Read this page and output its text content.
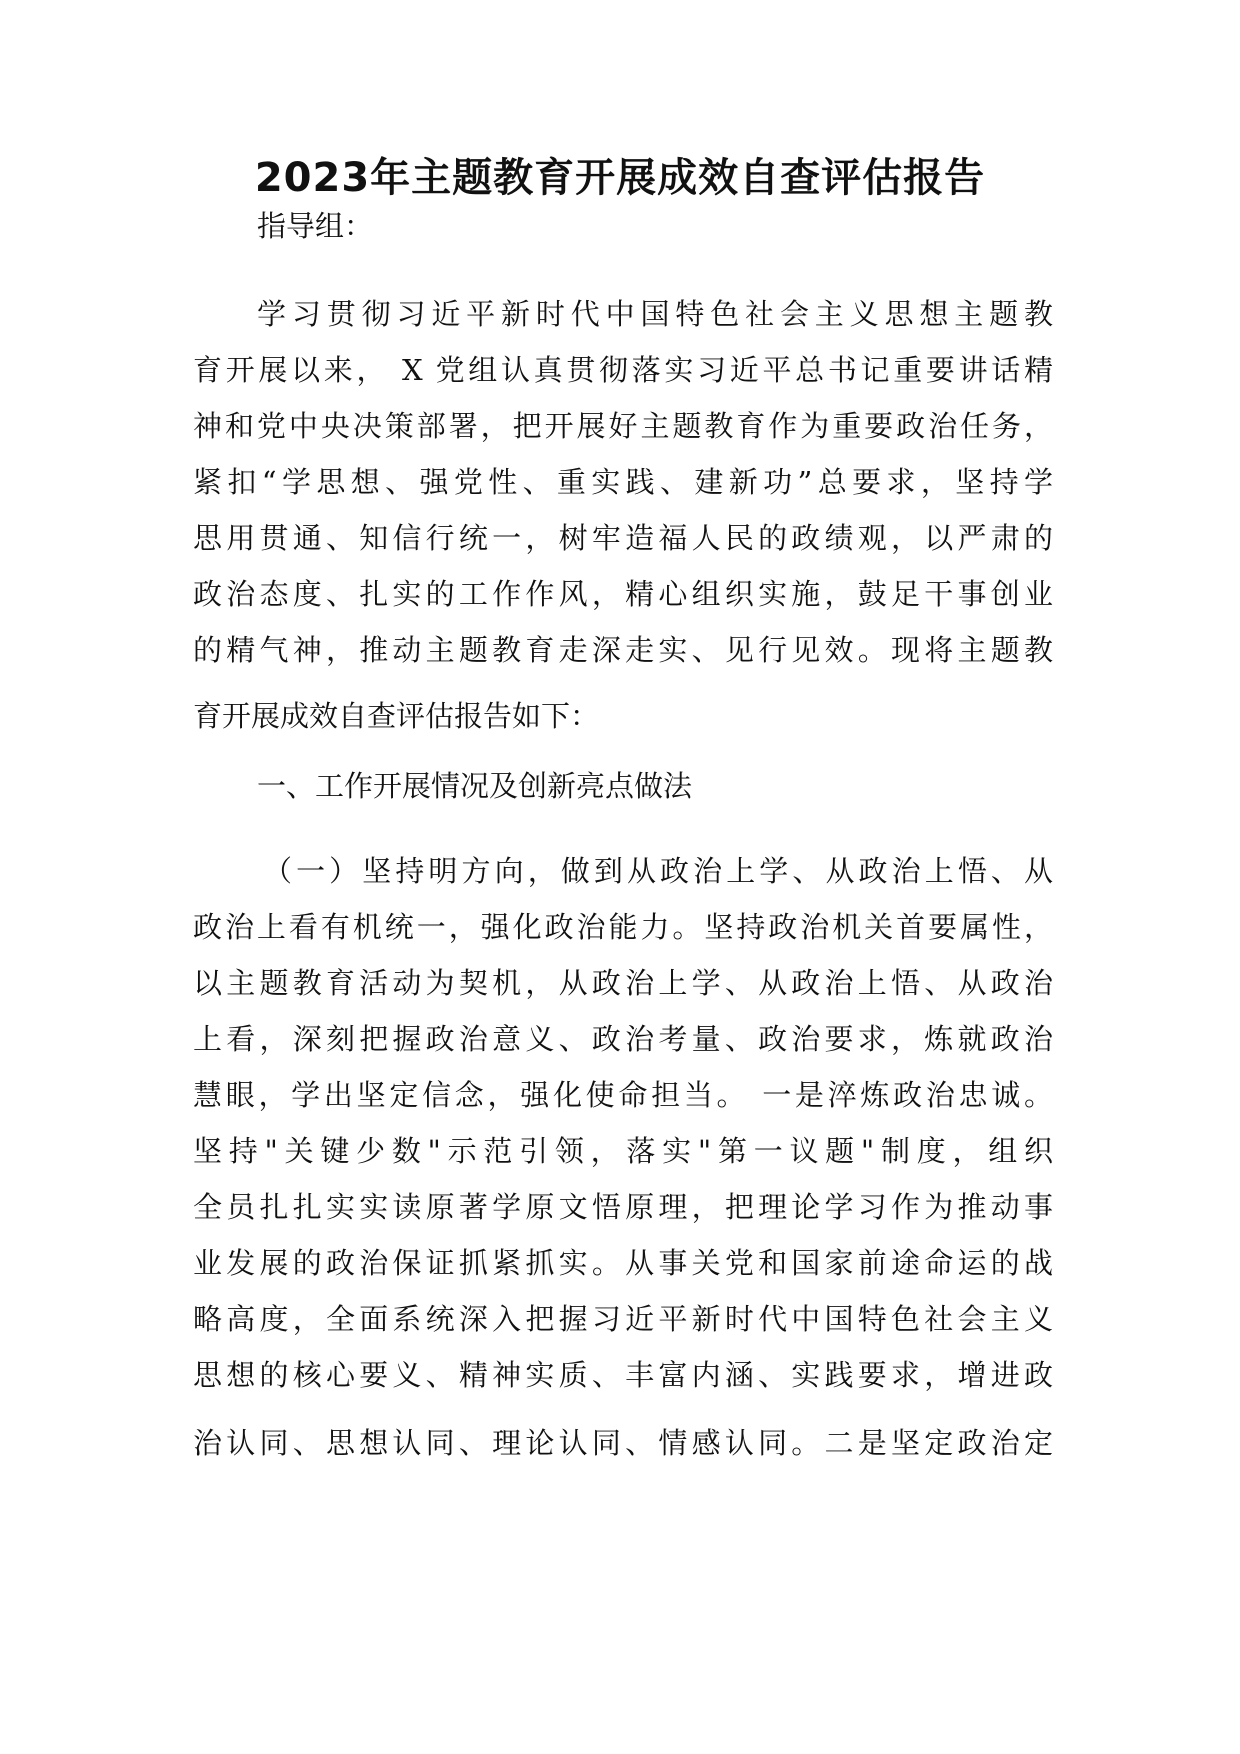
2023年主题教育开展成效自查评估报告
指导组：
学习贯彻习近平新时代中国特色社会主义思想主题教
育开展以来， X 党组认真贯彻落实习近平总书记重要讲话精
神和党中央决策部署，把开展好主题教育作为重要政治任务，
紧扣“学思想、强党性、重实践、建新功”总要求，坚持学
思用贯通、知信行统一，树牢造福人民的政绩观，以严肃的
政治态度、扎实的工作作风，精心组织实施，鼓足干事创业
的精气神，推动主题教育走深走实、见行见效。现将主题教
育开展成效自查评估报告如下：
一、工作开展情况及创新亮点做法
（一）坚持明方向，做到从政治上学、从政治上悟、从
政治上看有机统一，强化政治能力。坚持政治机关首要属性，
以主题教育活动为契机，从政治上学、从政治上悟、从政治
上看，深刻把握政治意义、政治考量、政治要求，炼就政治
慧眼，学出坚定信念，强化使命担当。 一是淬炼政治忠诚。
坚持"关键少数"示范引领，落实"第一议题"制度，组织
全员扎扎实实读原著学原文悟原理，把理论学习作为推动事
业发展的政治保证抓紧抓实。从事关党和国家前途命运的战
略高度，全面系统深入把握习近平新时代中国特色社会主义
思想的核心要义、精神实质、丰富内涵、实践要求，增进政
治认同、思想认同、理论认同、情感认同。二是坚定政治定
